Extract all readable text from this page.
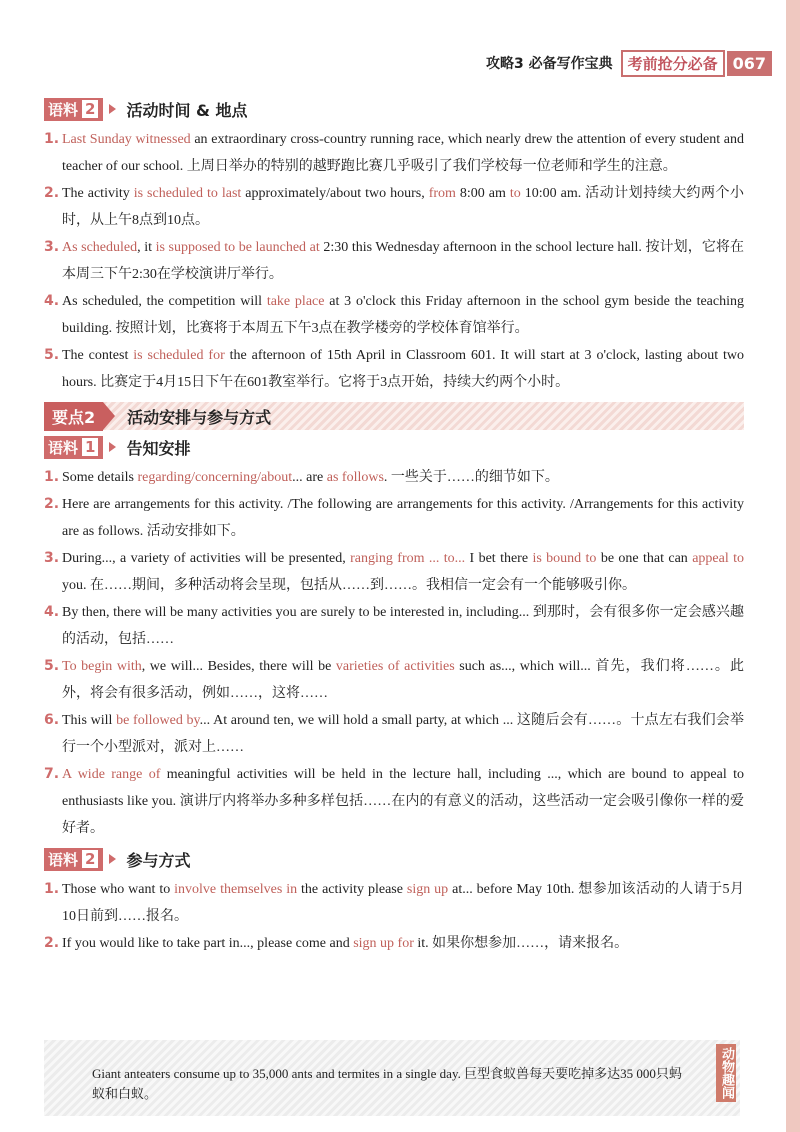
攻略3 必备写作宝典	考前抢分必备 067
语料 2 活动时间 & 地点
1. Last Sunday witnessed an extraordinary cross-country running race, which nearly drew the attention of every student and teacher of our school. 上周日举办的特别的越野跑比赛几乎吸引了我们学校每一位老师和学生的注意。
2. The activity is scheduled to last approximately/about two hours, from 8:00 am to 10:00 am. 活动计划持续大约两个小时，从上午8点到10点。
3. As scheduled, it is supposed to be launched at 2:30 this Wednesday afternoon in the school lecture hall. 按计划，它将在本周三下午2:30在学校演讲厅举行。
4. As scheduled, the competition will take place at 3 o'clock this Friday afternoon in the school gym beside the teaching building. 按照计划，比赛将于本周五下午3点在教学楼旁的学校体育馆举行。
5. The contest is scheduled for the afternoon of 15th April in Classroom 601. It will start at 3 o'clock, lasting about two hours. 比赛定于4月15日下午在601教室举行。它将于3点开始，持续大约两个小时。
要点2	活动安排与参与方式
语料 1 告知安排
1. Some details regarding/concerning/about... are as follows. 一些关于……的细节如下。
2. Here are arrangements for this activity. /The following are arrangements for this activity. /Arrangements for this activity are as follows. 活动安排如下。
3. During..., a variety of activities will be presented, ranging from ... to... I bet there is bound to be one that can appeal to you. 在……期间，多种活动将会呈现，包括从……到……。我相信一定会有一个能够吸引你。
4. By then, there will be many activities you are surely to be interested in, including... 到那时，会有很多你一定会感兴趣的活动，包括……
5. To begin with, we will... Besides, there will be varieties of activities such as..., which will... 首先，我们将……。此外，将会有很多活动，例如……，这将……
6. This will be followed by... At around ten, we will hold a small party, at which ... 这随后会有……。十点左右我们会举行一个小型派对，派对上……
7. A wide range of meaningful activities will be held in the lecture hall, including ..., which are bound to appeal to enthusiasts like you. 演讲厅内将举办多种多样包括……在内的有意义的活动，这些活动一定会吸引像你一样的爱好者。
语料 2 参与方式
1. Those who want to involve themselves in the activity please sign up at... before May 10th. 想参加该活动的人请于5月10日前到……报名。
2. If you would like to take part in..., please come and sign up for it. 如果你想参加……，请来报名。
Giant anteaters consume up to 35,000 ants and termites in a single day. 巨型食蚁兽每天要吃掉多达35 000只蚂蚁和白蚁。	动物趣闻
